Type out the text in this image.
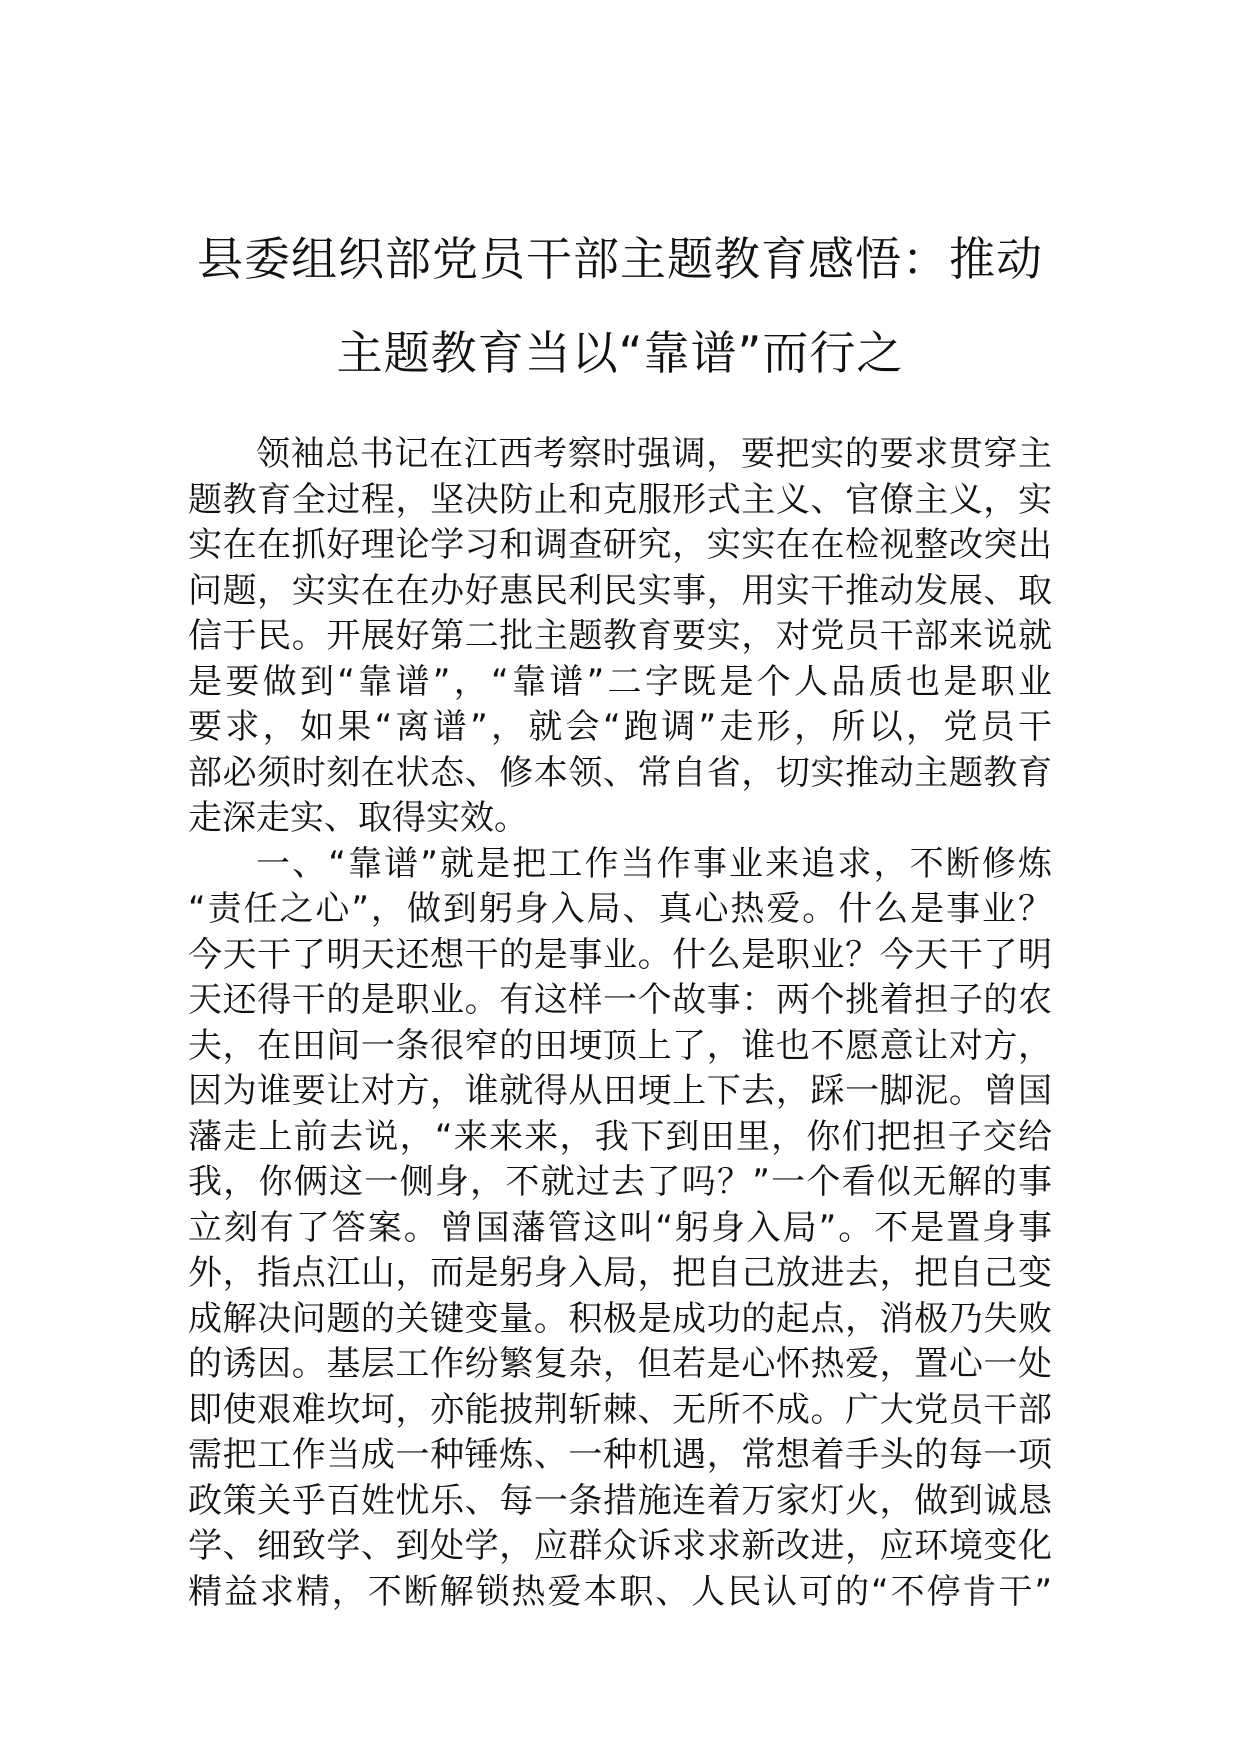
县委组织部党员干部主题教育感悟：推动
主题教育当以“靠谱”而行之
领袖总书记在江西考察时强调，要把实的要求贯穿主
题教育全过程，坚决防止和克服形式主义、官僚主义，实
实在在抓好理论学习和调查研究，实实在在检视整改突出
问题，实实在在办好惠民利民实事，用实干推动发展、取
信于民。开展好第二批主题教育要实，对党员干部来说就
是要做到“靠谱”，“靠谱”二字既是个人品质也是职业
要求，如果“离谱”，就会“跑调”走形，所以，党员干
部必须时刻在状态、修本领、常自省，切实推动主题教育
走深走实、取得实效。
一、“靠谱”就是把工作当作事业来追求，不断修炼
“责任之心”，做到躬身入局、真心热爱。什么是事业？
今天干了明天还想干的是事业。什么是职业？今天干了明
天还得干的是职业。有这样一个故事：两个挑着担子的农
夫，在田间一条很窄的田埂顶上了，谁也不愿意让对方，
因为谁要让对方，谁就得从田埂上下去，踩一脚泥。曾国
藩走上前去说，“来来来，我下到田里，你们把担子交给
我，你俩这一侧身，不就过去了吗？”一个看似无解的事
立刻有了答案。曾国藩管这叫“躬身入局”。不是置身事
外，指点江山，而是躬身入局，把自己放进去，把自己变
成解决问题的关键变量。积极是成功的起点，消极乃失败
的诱因。基层工作纷繁复杂，但若是心怀热爱，置心一处
即使艰难坎坷，亦能披荆斩棘、无所不成。广大党员干部
需把工作当成一种锤炼、一种机遇，常想着手头的每一项
政策关乎百姓忧乐、每一条措施连着万家灯火，做到诚恳
学、细致学、到处学，应群众诉求求新改进，应环境变化
精益求精，不断解锁热爱本职、人民认可的“不停肯干”
